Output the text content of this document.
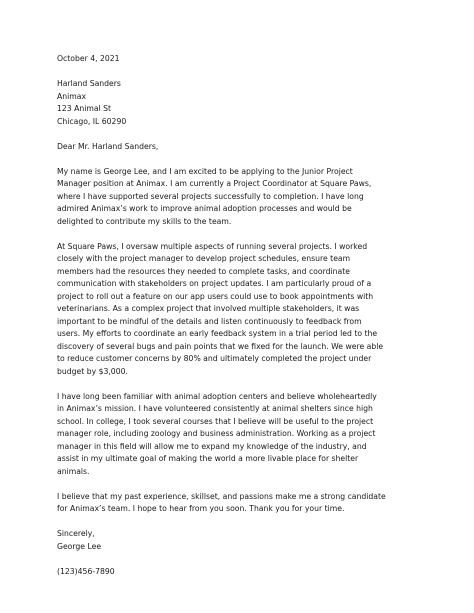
October 4, 2021
Harland Sanders
Animax
123 Animal St
Chicago, IL 60290
Dear Mr. Harland Sanders,
My name is George Lee, and I am excited to be applying to the Junior Project
Manager position at Animax. I am currently a Project Coordinator at Square Paws,
where I have supported several projects successfully to completion. I have long
admired Animax’s work to improve animal adoption processes and would be
delighted to contribute my skills to the team.
At Square Paws, I oversaw multiple aspects of running several projects. I worked
closely with the project manager to develop project schedules, ensure team
members had the resources they needed to complete tasks, and coordinate
communication with stakeholders on project updates. I am particularly proud of a
project to roll out a feature on our app users could use to book appointments with
veterinarians. As a complex project that involved multiple stakeholders, it was
important to be mindful of the details and listen continuously to feedback from
users. My efforts to coordinate an early feedback system in a trial period led to the
discovery of several bugs and pain points that we fixed for the launch. We were able
to reduce customer concerns by 80% and ultimately completed the project under
budget by $3,000.
I have long been familiar with animal adoption centers and believe wholeheartedly
in Animax’s mission. I have volunteered consistently at animal shelters since high
school. In college, I took several courses that I believe will be useful to the project
manager role, including zoology and business administration. Working as a project
manager in this field will allow me to expand my knowledge of the industry, and
assist in my ultimate goal of making the world a more livable place for shelter
animals.
I believe that my past experience, skillset, and passions make me a strong candidate
for Animax’s team. I hope to hear from you soon. Thank you for your time.
Sincerely,
George Lee
(123)456-7890
